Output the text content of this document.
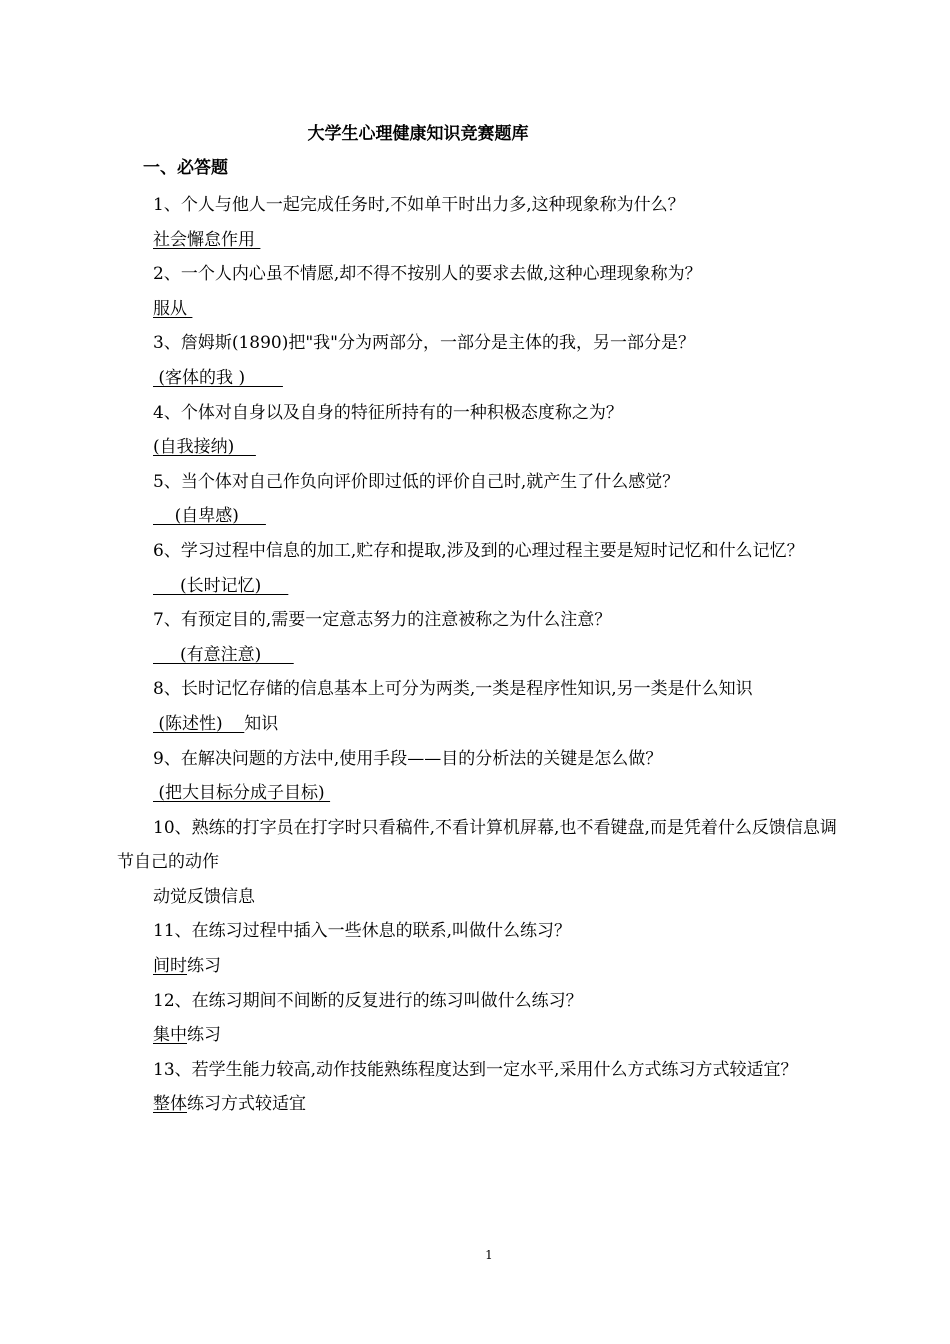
大学生心理健康知识竞赛题库
一、必答题

1、个人与他人一起完成任务时,不如单干时出力多,这种现象称为什么？

社会懈怠作用

2、一个人内心虽不情愿,却不得不按别人的要求去做,这种心理现象称为？

服从

3、詹姆斯(1890)把"我"分为两部分，一部分是主体的我，另一部分是？

(客体的我 )

4、个体对自身以及自身的特征所持有的一种积极态度称之为？

(自我接纳)

5、当个体对自己作负向评价即过低的评价自己时,就产生了什么感觉？

(自卑感)

6、学习过程中信息的加工,贮存和提取,涉及到的心理过程主要是短时记忆和什么记忆？

(长时记忆)

7、有预定目的,需要一定意志努力的注意被称之为什么注意？

(有意注意)

8、长时记忆存储的信息基本上可分为两类,一类是程序性知识,另一类是什么知识

(陈述性)    知识

9、在解决问题的方法中,使用手段——目的分析法的关键是怎么做？

(把大目标分成子目标)

10、熟练的打字员在打字时只看稿件,不看计算机屏幕,也不看键盘,而是凭着什么反馈信息调节自己的动作

动觉反馈信息

11、在练习过程中插入一些休息的联系,叫做什么练习？

间时练习

12、在练习期间不间断的反复进行的练习叫做什么练习？

集中练习

13、若学生能力较高,动作技能熟练程度达到一定水平,采用什么方式练习方式较适宜？

整体练习方式较适宜

1
